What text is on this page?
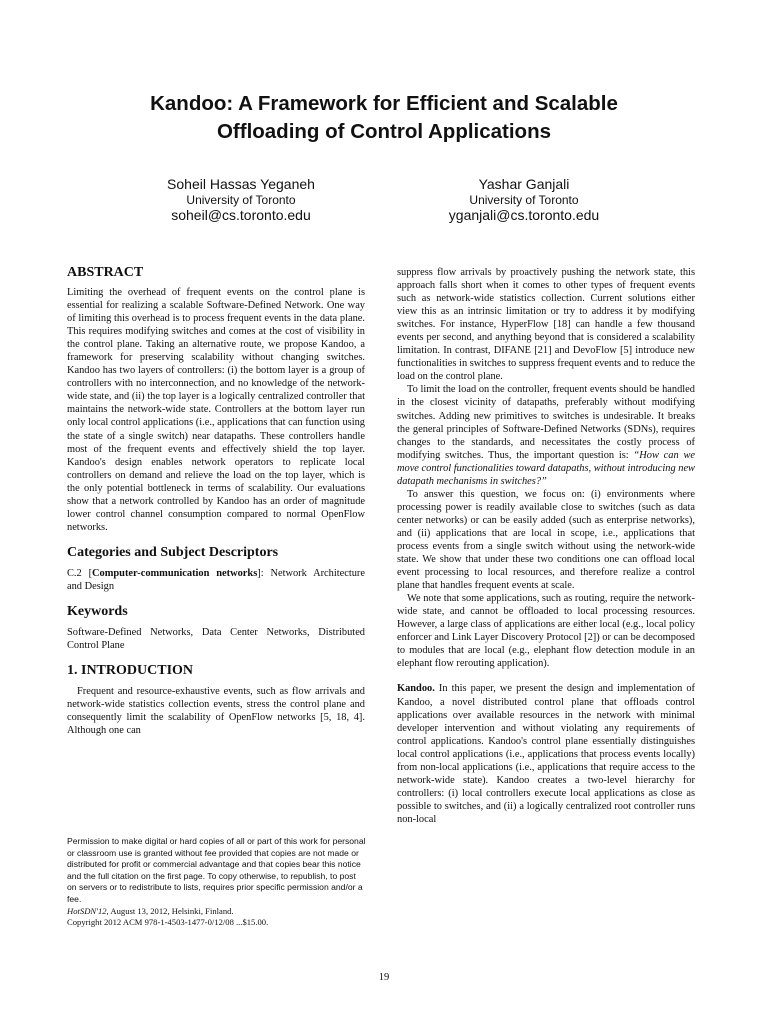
Kandoo: A Framework for Efficient and Scalable
Offloading of Control Applications
Soheil Hassas Yeganeh
University of Toronto
soheil@cs.toronto.edu
Yashar Ganjali
University of Toronto
yganjali@cs.toronto.edu
ABSTRACT

Limiting the overhead of frequent events on the control plane is essential for realizing a scalable Software-Defined Network. One way of limiting this overhead is to process frequent events in the data plane. This requires modifying switches and comes at the cost of visibility in the control plane. Taking an alternative route, we propose Kandoo, a framework for preserving scalability without changing switches. Kandoo has two layers of controllers: (i) the bottom layer is a group of controllers with no interconnection, and no knowledge of the network-wide state, and (ii) the top layer is a logically centralized controller that maintains the network-wide state. Controllers at the bottom layer run only local control applications (i.e., applications that can function using the state of a single switch) near datapaths. These controllers handle most of the frequent events and effectively shield the top layer. Kandoo's design enables network operators to replicate local controllers on demand and relieve the load on the top layer, which is the only potential bottleneck in terms of scalability. Our evaluations show that a network controlled by Kandoo has an order of magnitude lower control channel consumption compared to normal OpenFlow networks.

Categories and Subject Descriptors

C.2 [Computer-communication networks]: Network Architecture and Design

Keywords

Software-Defined Networks, Data Center Networks, Distributed Control Plane

1. INTRODUCTION

Frequent and resource-exhaustive events, such as flow arrivals and network-wide statistics collection events, stress the control plane and consequently limit the scalability of OpenFlow networks [5, 18, 4]. Although one can

Permission to make digital or hard copies of all or part of this work for personal or classroom use is granted without fee provided that copies are not made or distributed for profit or commercial advantage and that copies bear this notice and the full citation on the first page. To copy otherwise, to republish, to post on servers or to redistribute to lists, requires prior specific permission and/or a fee.
HotSDN'12, August 13, 2012, Helsinki, Finland.
Copyright 2012 ACM 978-1-4503-1477-0/12/08 ...$15.00.

suppress flow arrivals by proactively pushing the network state, this approach falls short when it comes to other types of frequent events such as network-wide statistics collection. Current solutions either view this as an intrinsic limitation or try to address it by modifying switches. For instance, HyperFlow [18] can handle a few thousand events per second, and anything beyond that is considered a scalability limitation. In contrast, DIFANE [21] and DevoFlow [5] introduce new functionalities in switches to suppress frequent events and to reduce the load on the control plane.

To limit the load on the controller, frequent events should be handled in the closest vicinity of datapaths, preferably without modifying switches. Adding new primitives to switches is undesirable. It breaks the general principles of Software-Defined Networks (SDNs), requires changes to the standards, and necessitates the costly process of modifying switches. Thus, the important question is: “How can we move control functionalities toward datapaths, without introducing new datapath mechanisms in switches?”

To answer this question, we focus on: (i) environments where processing power is readily available close to switches (such as data center networks) or can be easily added (such as enterprise networks), and (ii) applications that are local in scope, i.e., applications that process events from a single switch without using the network-wide state. We show that under these two conditions one can offload local event processing to local resources, and therefore realize a control plane that handles frequent events at scale.

We note that some applications, such as routing, require the network-wide state, and cannot be offloaded to local processing resources. However, a large class of applications are either local (e.g., local policy enforcer and Link Layer Discovery Protocol [2]) or can be decomposed to modules that are local (e.g., elephant flow detection module in an elephant flow rerouting application).

Kandoo. In this paper, we present the design and implementation of Kandoo, a novel distributed control plane that offloads control applications over available resources in the network with minimal developer intervention and without violating any requirements of control applications. Kandoo's control plane essentially distinguishes local control applications (i.e., applications that process events locally) from non-local applications (i.e., applications that require access to the network-wide state). Kandoo creates a two-level hierarchy for controllers: (i) local controllers execute local applications as close as possible to switches, and (ii) a logically centralized root controller runs non-local

19
